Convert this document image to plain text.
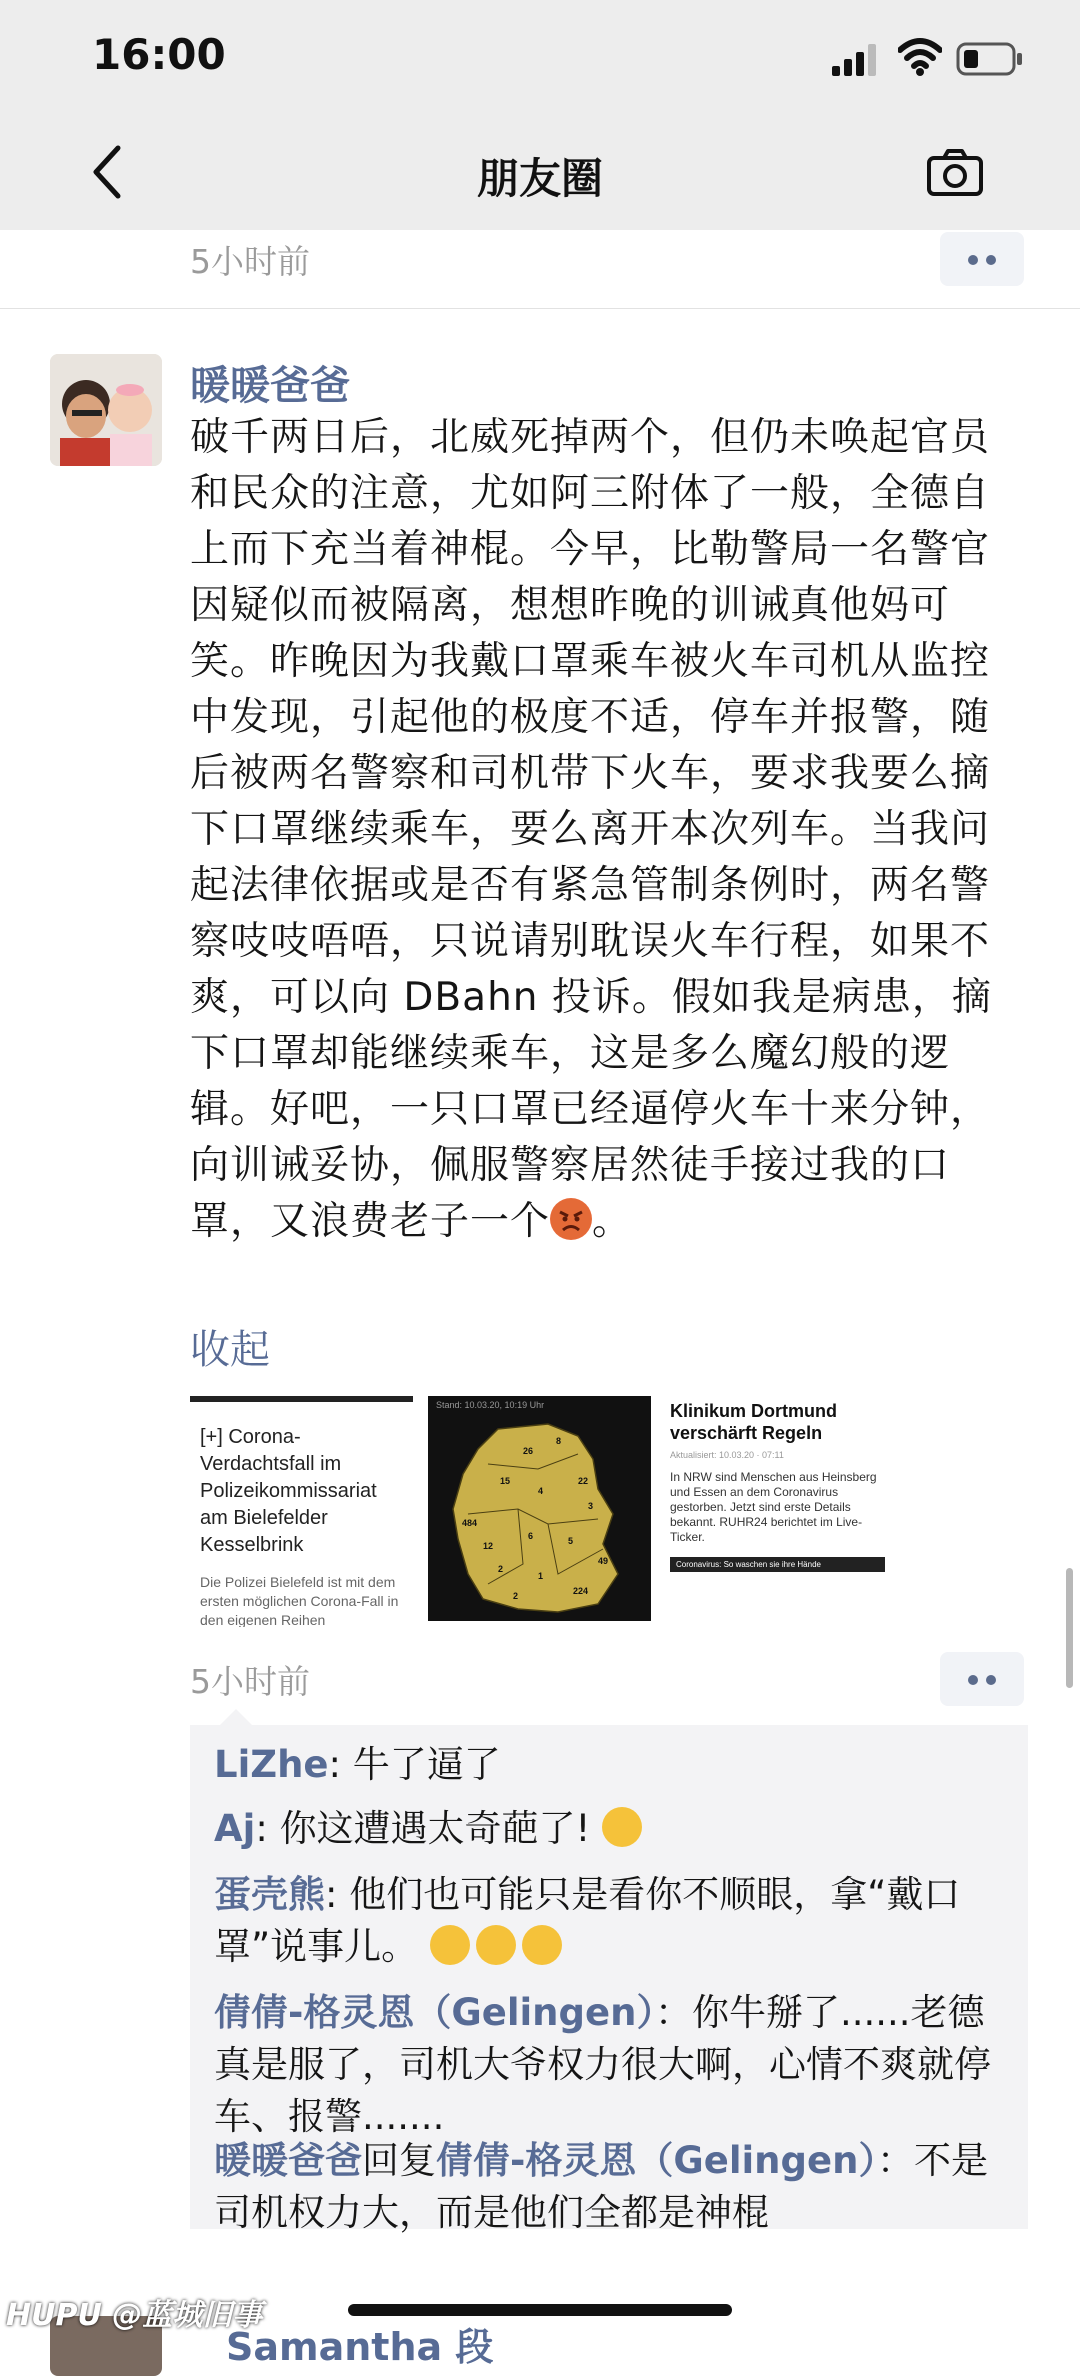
16:00
朋友圈
5小时前
暖暖爸爸
破千两日后，北威死掉两个，但仍未唤起官员和民众的注意，尤如阿三附体了一般，全德自上而下充当着神棍。今早，比勒警局一名警官因疑似而被隔离，想想昨晚的训诫真他妈可笑。昨晚因为我戴口罩乘车被火车司机从监控中发现，引起他的极度不适，停车并报警，随后被两名警察和司机带下火车，要求我要么摘下口罩继续乘车，要么离开本次列车。当我问起法律依据或是否有紧急管制条例时，两名警察吱吱唔唔，只说请别耽误火车行程，如果不爽，可以向 DBahn 投诉。假如我是病患，摘下口罩却能继续乘车，这是多么魔幻般的逻辑。好吧，一只口罩已经逼停火车十来分钟，向训诫妥协，佩服警察居然徒手接过我的口罩，又浪费老子一个 。
收起
[+] Corona-Verdachtsfall im Polizeikommissariat am Bielefelder Kesselbrink
Die Polizei Bielefeld ist mit dem ersten möglichen Corona-Fall in den eigenen Reihen
Stand: 10.03.20, 10:19 Uhr
484
26
8
15	22
4
3
12
6	5
2
1
224
2
49
Klinikum Dortmund verschärft Regeln
Aktualisiert: 10.03.20 · 07:11
In NRW sind Menschen aus Heinsberg und Essen an dem Coronavirus gestorben. Jetzt sind erste Details bekannt. RUHR24 berichtet im Live-Ticker.
Coronavirus: So waschen sie ihre Hände
5小时前
LiZhe: 牛了逼了
Aj: 你这遭遇太奇葩了!
蛋壳熊: 他们也可能只是看你不顺眼，拿“戴口罩”说事儿。
倩倩-格灵恩（Gelingen）：你牛掰了......老德真是服了，司机大爷权力很大啊，心情不爽就停车、报警.......
暖暖爸爸回复倩倩-格灵恩（Gelingen）：不是司机权力大，而是他们全都是神棍
Samantha 段
HUPU @蓝城旧事
